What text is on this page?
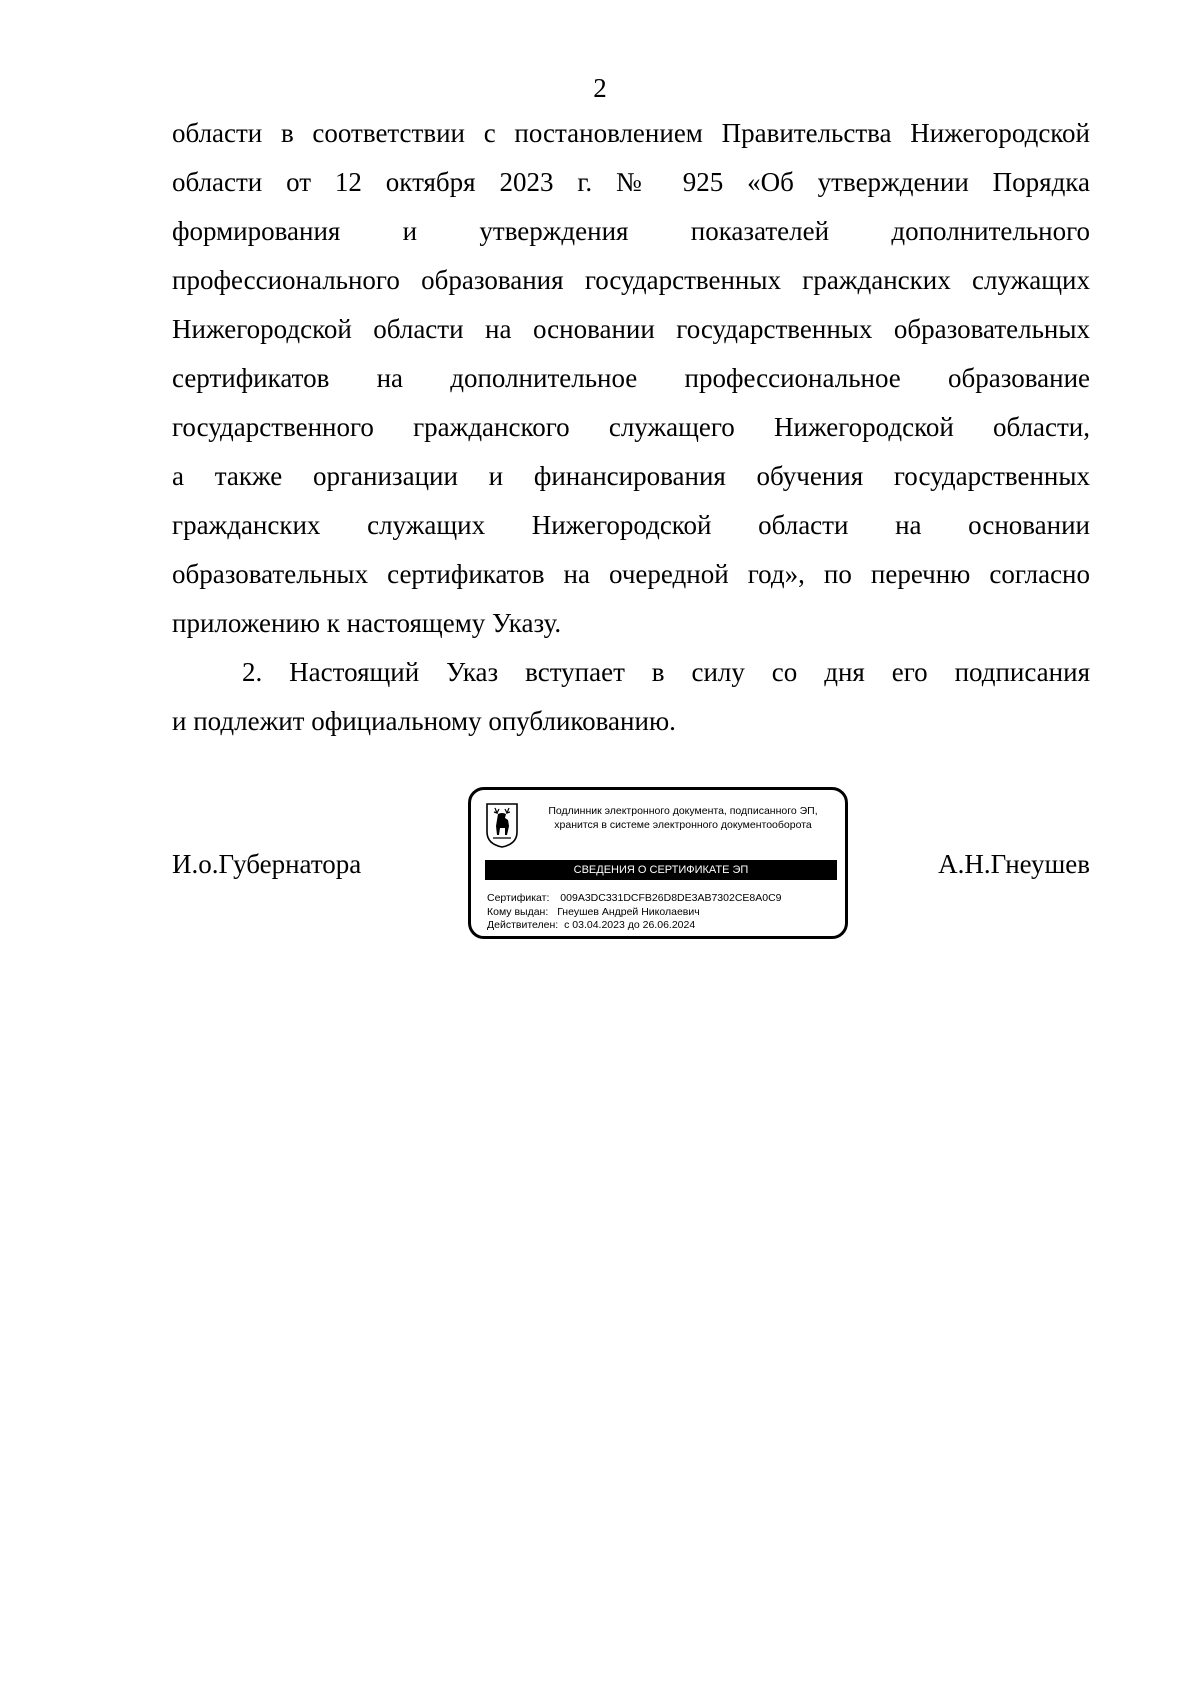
2
области в соответствии с постановлением Правительства Нижегородской
области от 12 октября 2023 г. № 925 «Об утверждении Порядка
формирования и утверждения показателей дополнительного
профессионального образования государственных гражданских служащих
Нижегородской области на основании государственных образовательных
сертификатов на дополнительное профессиональное образование
государственного гражданского служащего Нижегородской области,
а также организации и финансирования обучения государственных
гражданских служащих Нижегородской области на основании
образовательных сертификатов на очередной год», по перечню согласно
приложению к настоящему Указу.
2. Настоящий Указ вступает в силу со дня его подписания
и подлежит официальному опубликованию.
И.о.Губернатора
Подлинник электронного документа, подписанного ЭП,
хранится в системе электронного документооборота
СВЕДЕНИЯ О СЕРТИФИКАТЕ ЭП
Сертификат: 009A3DC331DCFB26D8DE3AB7302CE8A0C9
Кому выдан: Гнеушев Андрей Николаевич
Действителен: с 03.04.2023 до 26.06.2024
А.Н.Гнеушев
